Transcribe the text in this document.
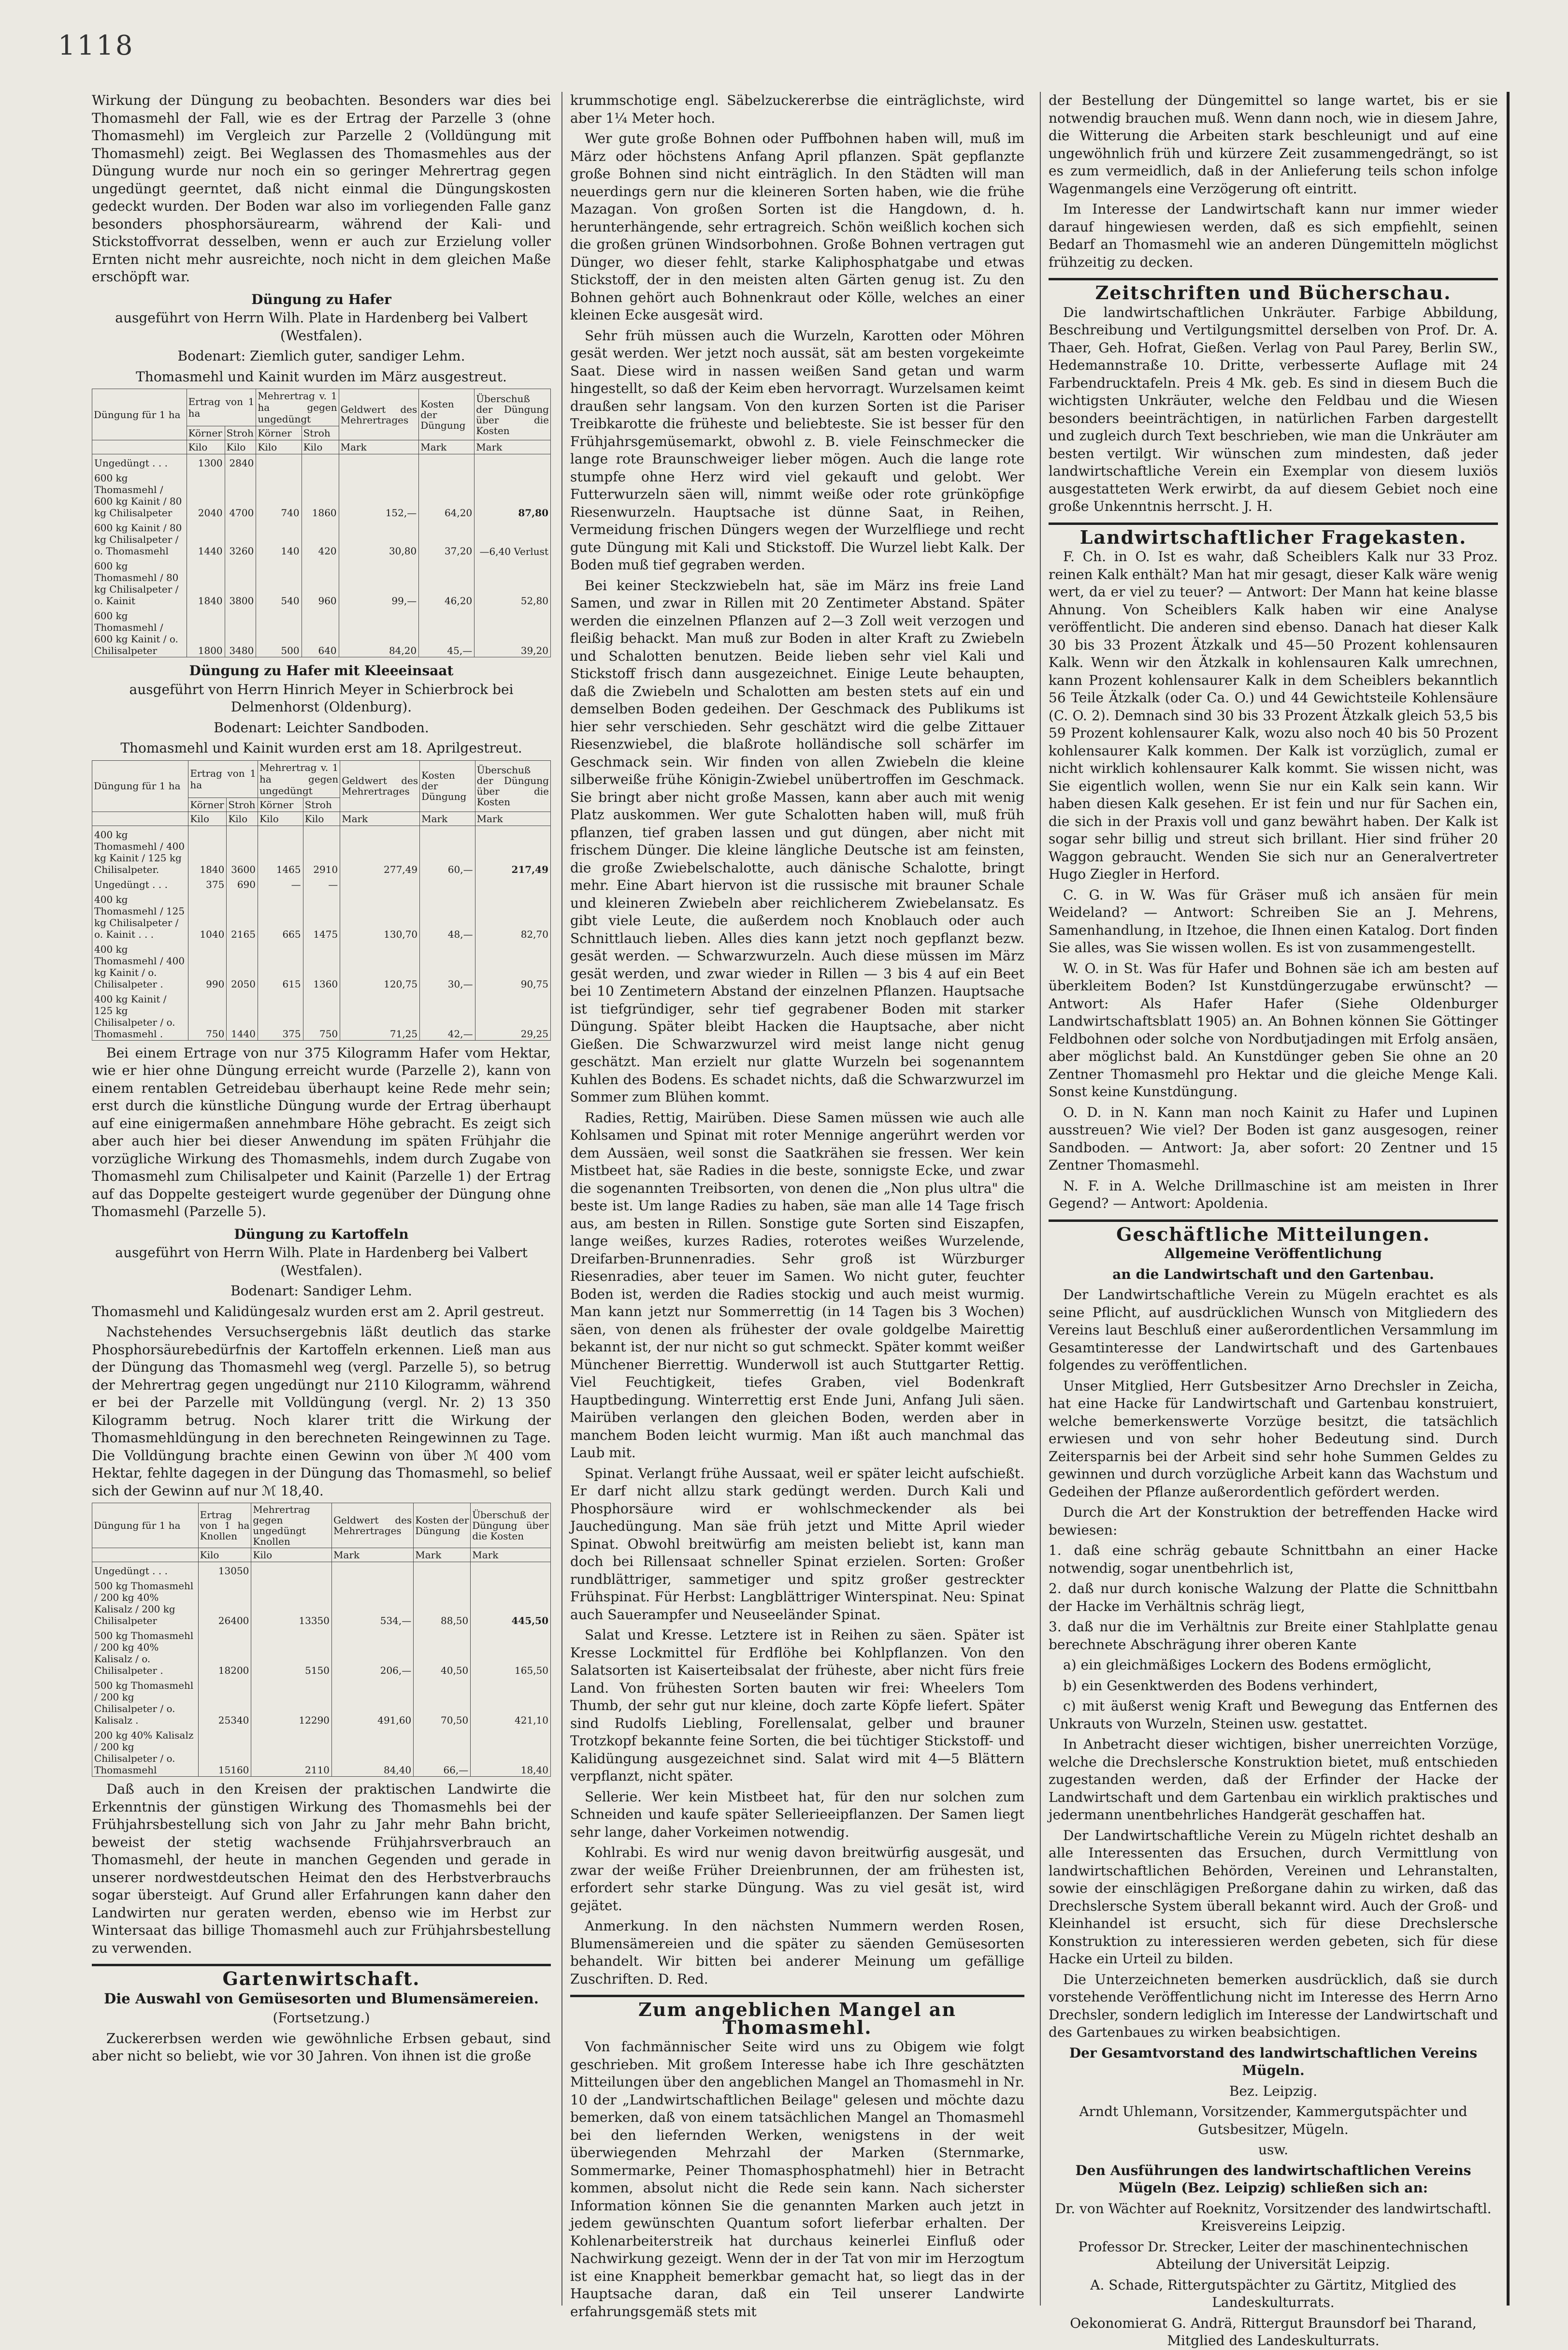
1118

Wirkung der Düngung zu beobachten. Besonders war dies bei Thomasmehl der Fall, wie es der Ertrag der Parzelle 3 (ohne Thomasmehl) im Vergleich zur Parzelle 2 (Volldüngung mit Thomasmehl) zeigt. Bei Weglassen des Thomasmehles aus der Düngung wurde nur noch ein so geringer Mehrertrag gegen ungedüngt geerntet, daß nicht einmal die Düngungskosten gedeckt wurden. Der Boden war also im vorliegenden Falle ganz besonders phosphorsäurearm, während der Kali- und Stickstoffvorrat desselben, wenn er auch zur Erzielung voller Ernten nicht mehr ausreichte, noch nicht in dem gleichen Maße erschöpft war.

Düngung zu Hafer

ausgeführt von Herrn Wilh. Plate in Hardenberg bei Valbert (Westfalen).

Bodenart: Ziemlich guter, sandiger Lehm.

Thomasmehl und Kainit wurden im März ausgestreut.

Düngung für 1 ha	Ertrag von 1 ha		Mehrertrag v. 1 ha gegen ungedüngt		Geldwert des Mehrertrages	Kosten der Düngung	Überschuß der Düngung über die Kosten
	Körner	Stroh	Körner	Stroh			
	Kilo	Kilo	Kilo	Kilo	Mark	Mark	Mark
Ungedüngt . . .	1300	2840					
600 kg Thomasmehl / 600 kg Kainit / 80 kg Chilisalpeter	2040	4700	740	1860	152,—	64,20	87,80
600 kg Kainit / 80 kg Chilisalpeter / o. Thomasmehl	1440	3260	140	420	30,80	37,20	—6,40 Verlust
600 kg Thomasmehl / 80 kg Chilisalpeter / o. Kainit	1840	3800	540	960	99,—	46,20	52,80
600 kg Thomasmehl / 600 kg Kainit / o. Chilisalpeter	1800	3480	500	640	84,20	45,—	39,20
Düngung zu Hafer mit Kleeeinsaat

ausgeführt von Herrn Hinrich Meyer in Schierbrock bei Delmenhorst (Oldenburg).

Bodenart: Leichter Sandboden.

Thomasmehl und Kainit wurden erst am 18. Aprilgestreut.

Düngung für 1 ha	Ertrag von 1 ha		Mehrertrag v. 1 ha gegen ungedüngt		Geldwert des Mehrertrages	Kosten der Düngung	Überschuß der Düngung über die Kosten
	Körner	Stroh	Körner	Stroh			
	Kilo	Kilo	Kilo	Kilo	Mark	Mark	Mark
400 kg Thomasmehl / 400 kg Kainit / 125 kg Chilisalpeter.	1840	3600	1465	2910	277,49	60,—	217,49
Ungedüngt . . .	375	690	—	—			
400 kg Thomasmehl / 125 kg Chilisalpeter / o. Kainit . . .	1040	2165	665	1475	130,70	48,—	82,70
400 kg Thomasmehl / 400 kg Kainit / o. Chilisalpeter .	990	2050	615	1360	120,75	30,—	90,75
400 kg Kainit / 125 kg Chilisalpeter / o. Thomasmehl .	750	1440	375	750	71,25	42,—	29,25

Bei einem Ertrage von nur 375 Kilogramm Hafer vom Hektar, wie er hier ohne Düngung erreicht wurde (Parzelle 2), kann von einem rentablen Getreidebau überhaupt keine Rede mehr sein; erst durch die künstliche Düngung wurde der Ertrag überhaupt auf eine einigermaßen annehmbare Höhe gebracht. Es zeigt sich aber auch hier bei dieser Anwendung im späten Frühjahr die vorzügliche Wirkung des Thomasmehls, indem durch Zugabe von Thomasmehl zum Chilisalpeter und Kainit (Parzelle 1) der Ertrag auf das Doppelte gesteigert wurde gegenüber der Düngung ohne Thomasmehl (Parzelle 5).

Düngung zu Kartoffeln

ausgeführt von Herrn Wilh. Plate in Hardenberg bei Valbert (Westfalen).

Bodenart: Sandiger Lehm.

Thomasmehl und Kalidüngesalz wurden erst am 2. April gestreut.

Nachstehendes Versuchsergebnis läßt deutlich das starke Phosphorsäurebedürfnis der Kartoffeln erkennen. Ließ man aus der Düngung das Thomasmehl weg (vergl. Parzelle 5), so betrug der Mehrertrag gegen ungedüngt nur 2110 Kilogramm, während er bei der Parzelle mit Volldüngung (vergl. Nr. 2) 13 350 Kilogramm betrug. Noch klarer tritt die Wirkung der Thomasmehldüngung in den berechneten Reingewinnen zu Tage. Die Volldüngung brachte einen Gewinn von über ℳ 400 vom Hektar, fehlte dagegen in der Düngung das Thomasmehl, so belief sich der Gewinn auf nur ℳ 18,40.

Düngung für 1 ha	Ertrag von 1 ha Knollen	Mehrertrag gegen ungedüngt Knollen	Geldwert des Mehrertrages	Kosten der Düngung	Überschuß der Düngung über die Kosten
	Kilo	Kilo	Mark	Mark	Mark
Ungedüngt . . .	13050				
500 kg Thomasmehl / 200 kg 40% Kalisalz / 200 kg Chilisalpeter	26400	13350	534,—	88,50	445,50
500 kg Thomasmehl / 200 kg 40% Kalisalz / o. Chilisalpeter .	18200	5150	206,—	40,50	165,50
500 kg Thomasmehl / 200 kg Chilisalpeter / o. Kalisalz .	25340	12290	491,60	70,50	421,10
200 kg 40% Kalisalz / 200 kg Chilisalpeter / o. Thomasmehl	15160	2110	84,40	66,—	18,40

Daß auch in den Kreisen der praktischen Landwirte die Erkenntnis der günstigen Wirkung des Thomasmehls bei der Frühjahrsbestellung sich von Jahr zu Jahr mehr Bahn bricht, beweist der stetig wachsende Frühjahrsverbrauch an Thomasmehl, der heute in manchen Gegenden und gerade in unserer nordwestdeutschen Heimat den des Herbstverbrauchs sogar übersteigt. Auf Grund aller Erfahrungen kann daher den Landwirten nur geraten werden, ebenso wie im Herbst zur Wintersaat das billige Thomasmehl auch zur Frühjahrsbestellung zu verwenden.

Gartenwirtschaft.
Die Auswahl von Gemüsesorten und Blumensämereien.

(Fortsetzung.)

Zuckererbsen werden wie gewöhnliche Erbsen gebaut, sind aber nicht so beliebt, wie vor 30 Jahren. Von ihnen ist die große

krummschotige engl. Säbelzuckererbse die einträglichste, wird aber 1¼ Meter hoch.

Wer gute große Bohnen oder Puffbohnen haben will, muß im März oder höchstens Anfang April pflanzen. Spät gepflanzte große Bohnen sind nicht einträglich. In den Städten will man neuerdings gern nur die kleineren Sorten haben, wie die frühe Mazagan. Von großen Sorten ist die Hangdown, d. h. herunterhängende, sehr ertragreich. Schön weißlich kochen sich die großen grünen Windsorbohnen. Große Bohnen vertragen gut Dünger, wo dieser fehlt, starke Kaliphosphatgabe und etwas Stickstoff, der in den meisten alten Gärten genug ist. Zu den Bohnen gehört auch Bohnenkraut oder Kölle, welches an einer kleinen Ecke ausgesät wird.

Sehr früh müssen auch die Wurzeln, Karotten oder Möhren gesät werden. Wer jetzt noch aussät, sät am besten vorgekeimte Saat. Diese wird in nassen weißen Sand getan und warm hingestellt, so daß der Keim eben hervorragt. Wurzelsamen keimt draußen sehr langsam. Von den kurzen Sorten ist die Pariser Treibkarotte die früheste und beliebteste. Sie ist besser für den Frühjahrsgemüsemarkt, obwohl z. B. viele Feinschmecker die lange rote Braunschweiger lieber mögen. Auch die lange rote stumpfe ohne Herz wird viel gekauft und gelobt. Wer Futterwurzeln säen will, nimmt weiße oder rote grünköpfige Riesenwurzeln. Hauptsache ist dünne Saat, in Reihen, Vermeidung frischen Düngers wegen der Wurzelfliege und recht gute Düngung mit Kali und Stickstoff. Die Wurzel liebt Kalk. Der Boden muß tief gegraben werden.

Bei keiner Steckzwiebeln hat, säe im März ins freie Land Samen, und zwar in Rillen mit 20 Zentimeter Abstand. Später werden die einzelnen Pflanzen auf 2—3 Zoll weit verzogen und fleißig behackt. Man muß zur Boden in alter Kraft zu Zwiebeln und Schalotten benutzen. Beide lieben sehr viel Kali und Stickstoff frisch dann ausgezeichnet. Einige Leute behaupten, daß die Zwiebeln und Schalotten am besten stets auf ein und demselben Boden gedeihen. Der Geschmack des Publikums ist hier sehr verschieden. Sehr geschätzt wird die gelbe Zittauer Riesenzwiebel, die blaßrote holländische soll schärfer im Geschmack sein. Wir finden von allen Zwiebeln die kleine silberweiße frühe Königin-Zwiebel unübertroffen im Geschmack. Sie bringt aber nicht große Massen, kann aber auch mit wenig Platz auskommen. Wer gute Schalotten haben will, muß früh pflanzen, tief graben lassen und gut düngen, aber nicht mit frischem Dünger. Die kleine längliche Deutsche ist am feinsten, die große Zwiebelschalotte, auch dänische Schalotte, bringt mehr. Eine Abart hiervon ist die russische mit brauner Schale und kleineren Zwiebeln aber reichlicherem Zwiebelansatz. Es gibt viele Leute, die außerdem noch Knoblauch oder auch Schnittlauch lieben. Alles dies kann jetzt noch gepflanzt bezw. gesät werden. — Schwarzwurzeln. Auch diese müssen im März gesät werden, und zwar wieder in Rillen — 3 bis 4 auf ein Beet bei 10 Zentimetern Abstand der einzelnen Pflanzen. Hauptsache ist tiefgründiger, sehr tief gegrabener Boden mit starker Düngung. Später bleibt Hacken die Hauptsache, aber nicht Gießen. Die Schwarzwurzel wird meist lange nicht genug geschätzt. Man erzielt nur glatte Wurzeln bei sogenanntem Kuhlen des Bodens. Es schadet nichts, daß die Schwarzwurzel im Sommer zum Blühen kommt.

Radies, Rettig, Mairüben. Diese Samen müssen wie auch alle Kohlsamen und Spinat mit roter Mennige angerührt werden vor dem Aussäen, weil sonst die Saatkrähen sie fressen. Wer kein Mistbeet hat, säe Radies in die beste, sonnigste Ecke, und zwar die sogenannten Treibsorten, von denen die „Non plus ultra" die beste ist. Um lange Radies zu haben, säe man alle 14 Tage frisch aus, am besten in Rillen. Sonstige gute Sorten sind Eiszapfen, lange weißes, kurzes Radies, roterotes weißes Wurzelende, Dreifarben-Brunnenradies. Sehr groß ist Würzburger Riesenradies, aber teuer im Samen. Wo nicht guter, feuchter Boden ist, werden die Radies stockig und auch meist wurmig. Man kann jetzt nur Sommerrettig (in 14 Tagen bis 3 Wochen) säen, von denen als frühester der ovale goldgelbe Mairettig bekannt ist, der nur nicht so gut schmeckt. Später kommt weißer Münchener Bierrettig. Wunderwoll ist auch Stuttgarter Rettig. Viel Feuchtigkeit, tiefes Graben, viel Bodenkraft Hauptbedingung. Winterrettig erst Ende Juni, Anfang Juli säen. Mairüben verlangen den gleichen Boden, werden aber in manchem Boden leicht wurmig. Man ißt auch manchmal das Laub mit.

Spinat. Verlangt frühe Aussaat, weil er später leicht aufschießt. Er darf nicht allzu stark gedüngt werden. Durch Kali und Phosphorsäure wird er wohlschmeckender als bei Jauchedüngung. Man säe früh jetzt und Mitte April wieder Spinat. Obwohl breitwürfig am meisten beliebt ist, kann man doch bei Rillensaat schneller Spinat erzielen. Sorten: Großer rundblättriger, sammetiger und spitz großer gestreckter Frühspinat. Für Herbst: Langblättriger Winterspinat. Neu: Spinat auch Sauerampfer und Neuseeländer Spinat.

Salat und Kresse. Letztere ist in Reihen zu säen. Später ist Kresse Lockmittel für Erdflöhe bei Kohlpflanzen. Von den Salatsorten ist Kaiserteibsalat der früheste, aber nicht fürs freie Land. Von frühesten Sorten bauten wir frei: Wheelers Tom Thumb, der sehr gut nur kleine, doch zarte Köpfe liefert. Später sind Rudolfs Liebling, Forellensalat, gelber und brauner Trotzkopf bekannte feine Sorten, die bei tüchtiger Stickstoff- und Kalidüngung ausgezeichnet sind. Salat wird mit 4—5 Blättern verpflanzt, nicht später.

Sellerie. Wer kein Mistbeet hat, für den nur solchen zum Schneiden und kaufe später Sellerieeipflanzen. Der Samen liegt sehr lange, daher Vorkeimen notwendig.

Kohlrabi. Es wird nur wenig davon breitwürfig ausgesät, und zwar der weiße Früher Dreienbrunnen, der am frühesten ist, erfordert sehr starke Düngung. Was zu viel gesät ist, wird gejätet.

Anmerkung. In den nächsten Nummern werden Rosen, Blumensämereien und die später zu säenden Gemüsesorten behandelt. Wir bitten bei anderer Meinung um gefällige Zuschriften. D. Red.

Zum angeblichen Mangel an Thomasmehl.

Von fachmännischer Seite wird uns zu Obigem wie folgt geschrieben. Mit großem Interesse habe ich Ihre geschätzten Mitteilungen über den angeblichen Mangel an Thomasmehl in Nr. 10 der „Landwirtschaftlichen Beilage" gelesen und möchte dazu bemerken, daß von einem tatsächlichen Mangel an Thomasmehl bei den liefernden Werken, wenigstens in der weit überwiegenden Mehrzahl der Marken (Sternmarke, Sommermarke, Peiner Thomasphosphatmehl) hier in Betracht kommen, absolut nicht die Rede sein kann. Nach sicherster Information können Sie die genannten Marken auch jetzt in jedem gewünschten Quantum sofort lieferbar erhalten. Der Kohlenarbeiterstreik hat durchaus keinerlei Einfluß oder Nachwirkung gezeigt. Wenn der in der Tat von mir im Herzogtum ist eine Knappheit bemerkbar gemacht hat, so liegt das in der Hauptsache daran, daß ein Teil unserer Landwirte erfahrungsgemäß stets mit

der Bestellung der Düngemittel so lange wartet, bis er sie notwendig brauchen muß. Wenn dann noch, wie in diesem Jahre, die Witterung die Arbeiten stark beschleunigt und auf eine ungewöhnlich früh und kürzere Zeit zusammengedrängt, so ist es zum vermeidlich, daß in der Anlieferung teils schon infolge Wagenmangels eine Verzögerung oft eintritt.

Im Interesse der Landwirtschaft kann nur immer wieder darauf hingewiesen werden, daß es sich empfiehlt, seinen Bedarf an Thomasmehl wie an anderen Düngemitteln möglichst frühzeitig zu decken.

Zeitschriften und Bücherschau.

Die landwirtschaftlichen Unkräuter. Farbige Abbildung, Beschreibung und Vertilgungsmittel derselben von Prof. Dr. A. Thaer, Geh. Hofrat, Gießen. Verlag von Paul Parey, Berlin SW., Hedemannstraße 10. Dritte, verbesserte Auflage mit 24 Farbendrucktafeln. Preis 4 Mk. geb. Es sind in diesem Buch die wichtigsten Unkräuter, welche den Feldbau und die Wiesen besonders beeinträchtigen, in natürlichen Farben dargestellt und zugleich durch Text beschrieben, wie man die Unkräuter am besten vertilgt. Wir wünschen zum mindesten, daß jeder landwirtschaftliche Verein ein Exemplar von diesem luxiös ausgestatteten Werk erwirbt, da auf diesem Gebiet noch eine große Unkenntnis herrscht. J. H.

Landwirtschaftlicher Fragekasten.

F. Ch. in O. Ist es wahr, daß Scheiblers Kalk nur 33 Proz. reinen Kalk enthält? Man hat mir gesagt, dieser Kalk wäre wenig wert, da er viel zu teuer? — Antwort: Der Mann hat keine blasse Ahnung. Von Scheiblers Kalk haben wir eine Analyse veröffentlicht. Die anderen sind ebenso. Danach hat dieser Kalk 30 bis 33 Prozent Ätzkalk und 45—50 Prozent kohlensauren Kalk. Wenn wir den Ätzkalk in kohlensauren Kalk umrechnen, kann Prozent kohlensaurer Kalk in dem Scheiblers bekanntlich 56 Teile Ätzkalk (oder Ca. O.) und 44 Gewichtsteile Kohlensäure (C. O. 2). Demnach sind 30 bis 33 Prozent Ätzkalk gleich 53,5 bis 59 Prozent kohlensaurer Kalk, wozu also noch 40 bis 50 Prozent kohlensaurer Kalk kommen. Der Kalk ist vorzüglich, zumal er nicht wirklich kohlensaurer Kalk kommt. Sie wissen nicht, was Sie eigentlich wollen, wenn Sie nur ein Kalk sein kann. Wir haben diesen Kalk gesehen. Er ist fein und nur für Sachen ein, die sich in der Praxis voll und ganz bewährt haben. Der Kalk ist sogar sehr billig und streut sich brillant. Hier sind früher 20 Waggon gebraucht. Wenden Sie sich nur an Generalvertreter Hugo Ziegler in Herford.

C. G. in W. Was für Gräser muß ich ansäen für mein Weideland? — Antwort: Schreiben Sie an J. Mehrens, Samenhandlung, in Itzehoe, die Ihnen einen Katalog. Dort finden Sie alles, was Sie wissen wollen. Es ist von zusammengestellt.

W. O. in St. Was für Hafer und Bohnen säe ich am besten auf überkleitem Boden? Ist Kunstdüngerzugabe erwünscht? — Antwort: Als Hafer Hafer (Siehe Oldenburger Landwirtschaftsblatt 1905) an. An Bohnen können Sie Göttinger Feldbohnen oder solche von Nordbutjadingen mit Erfolg ansäen, aber möglichst bald. An Kunstdünger geben Sie ohne an 20 Zentner Thomasmehl pro Hektar und die gleiche Menge Kali. Sonst keine Kunstdüngung.

O. D. in N. Kann man noch Kainit zu Hafer und Lupinen ausstreuen? Wie viel? Der Boden ist ganz ausgesogen, reiner Sandboden. — Antwort: Ja, aber sofort: 20 Zentner und 15 Zentner Thomasmehl.

N. F. in A. Welche Drillmaschine ist am meisten in Ihrer Gegend? — Antwort: Apoldenia.

Geschäftliche Mitteilungen.

Allgemeine Veröffentlichung

an die Landwirtschaft und den Gartenbau.

Der Landwirtschaftliche Verein zu Mügeln erachtet es als seine Pflicht, auf ausdrücklichen Wunsch von Mitgliedern des Vereins laut Beschluß einer außerordentlichen Versammlung im Gesamtinteresse der Landwirtschaft und des Gartenbaues folgendes zu veröffentlichen.

Unser Mitglied, Herr Gutsbesitzer Arno Drechsler in Zeicha, hat eine Hacke für Landwirtschaft und Gartenbau konstruiert, welche bemerkenswerte Vorzüge besitzt, die tatsächlich erwiesen und von sehr hoher Bedeutung sind. Durch Zeitersparnis bei der Arbeit sind sehr hohe Summen Geldes zu gewinnen und durch vorzügliche Arbeit kann das Wachstum und Gedeihen der Pflanze außerordentlich gefördert werden.

Durch die Art der Konstruktion der betreffenden Hacke wird bewiesen:

1. daß eine schräg gebaute Schnittbahn an einer Hacke notwendig, sogar unentbehrlich ist,

2. daß nur durch konische Walzung der Platte die Schnittbahn der Hacke im Verhältnis schräg liegt,

3. daß nur die im Verhältnis zur Breite einer Stahlplatte genau berechnete Abschrägung ihrer oberen Kante

a) ein gleichmäßiges Lockern des Bodens ermöglicht,

b) ein Gesenktwerden des Bodens verhindert,

c) mit äußerst wenig Kraft und Bewegung das Entfernen des Unkrauts von Wurzeln, Steinen usw. gestattet.

In Anbetracht dieser wichtigen, bisher unerreichten Vorzüge, welche die Drechslersche Konstruktion bietet, muß entschieden zugestanden werden, daß der Erfinder der Hacke der Landwirtschaft und dem Gartenbau ein wirklich praktisches und jedermann unentbehrliches Handgerät geschaffen hat.

Der Landwirtschaftliche Verein zu Mügeln richtet deshalb an alle Interessenten das Ersuchen, durch Vermittlung von landwirtschaftlichen Behörden, Vereinen und Lehranstalten, sowie der einschlägigen Preßorgane dahin zu wirken, daß das Drechslersche System überall bekannt wird. Auch der Groß- und Kleinhandel ist ersucht, sich für diese Drechslersche Konstruktion zu interessieren werden gebeten, sich für diese Hacke ein Urteil zu bilden.

Die Unterzeichneten bemerken ausdrücklich, daß sie durch vorstehende Veröffentlichung nicht im Interesse des Herrn Arno Drechsler, sondern lediglich im Interesse der Landwirtschaft und des Gartenbaues zu wirken beabsichtigen.

Der Gesamtvorstand des landwirtschaftlichen Vereins Mügeln.

Bez. Leipzig.

Arndt Uhlemann, Vorsitzender, Kammergutspächter und Gutsbesitzer, Mügeln.

usw.

Den Ausführungen des landwirtschaftlichen Vereins Mügeln (Bez. Leipzig) schließen sich an:

Dr. von Wächter auf Roeknitz, Vorsitzender des landwirtschaftl. Kreisvereins Leipzig.

Professor Dr. Strecker, Leiter der maschinentechnischen Abteilung der Universität Leipzig.

A. Schade, Rittergutspächter zu Gärtitz, Mitglied des Landeskulturrats.

Oekonomierat G. Andrä, Rittergut Braunsdorf bei Tharand, Mitglied des Landeskulturrats.
